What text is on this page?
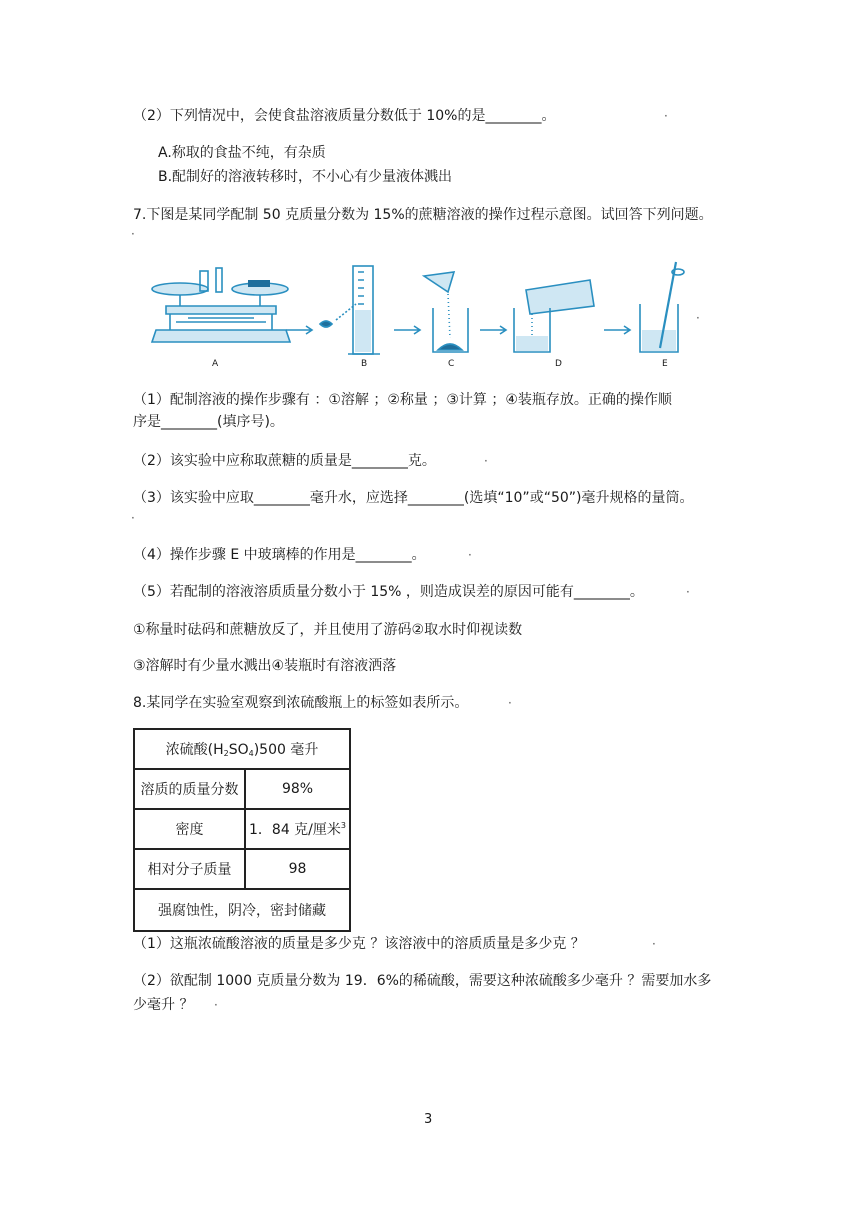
（2）下列情况中，会使食盐溶液质量分数低于 10%的是________。	·
A.称取的食盐不纯，有杂质
B.配制好的溶液转移时，不小心有少量液体溅出
7.下图是某同学配制 50 克质量分数为 15%的蔗糖溶液的操作过程示意图。试回答下列问题。
·
A	B	C	D	E
·
（1）配制溶液的操作步骤有 ：①溶解 ；②称量 ；③计算 ；④装瓶存放。正确的操作顺
序是________(填序号)。
（2）该实验中应称取蔗糖的质量是________克。	·
（3）该实验中应取________毫升水，应选择________(选填“10”或“50”)毫升规格的量筒。
·
（4）操作步骤 E 中玻璃棒的作用是________。	·
（5）若配制的溶液溶质质量分数小于 15% ，则造成误差的原因可能有________。	·
①称量时砝码和蔗糖放反了，并且使用了游码②取水时仰视读数
③溶解时有少量水溅出④装瓶时有溶液洒落
8.某同学在实验室观察到浓硫酸瓶上的标签如表所示。	·
浓硫酸$(H_2SO_4)500$ 毫升	
溶质的质量分数	98%
密度	1．84 克/厘米$^3$
相对分子质量	98
强腐蚀性，阴冷，密封储藏	
（1）这瓶浓硫酸溶液的质量是多少克 ？该溶液中的溶质质量是多少克 ？	·
（2）欲配制 1000 克质量分数为 19．6%的稀硫酸，需要这种浓硫酸多少毫升 ？需要加水多
少毫升 ？ ·
3
